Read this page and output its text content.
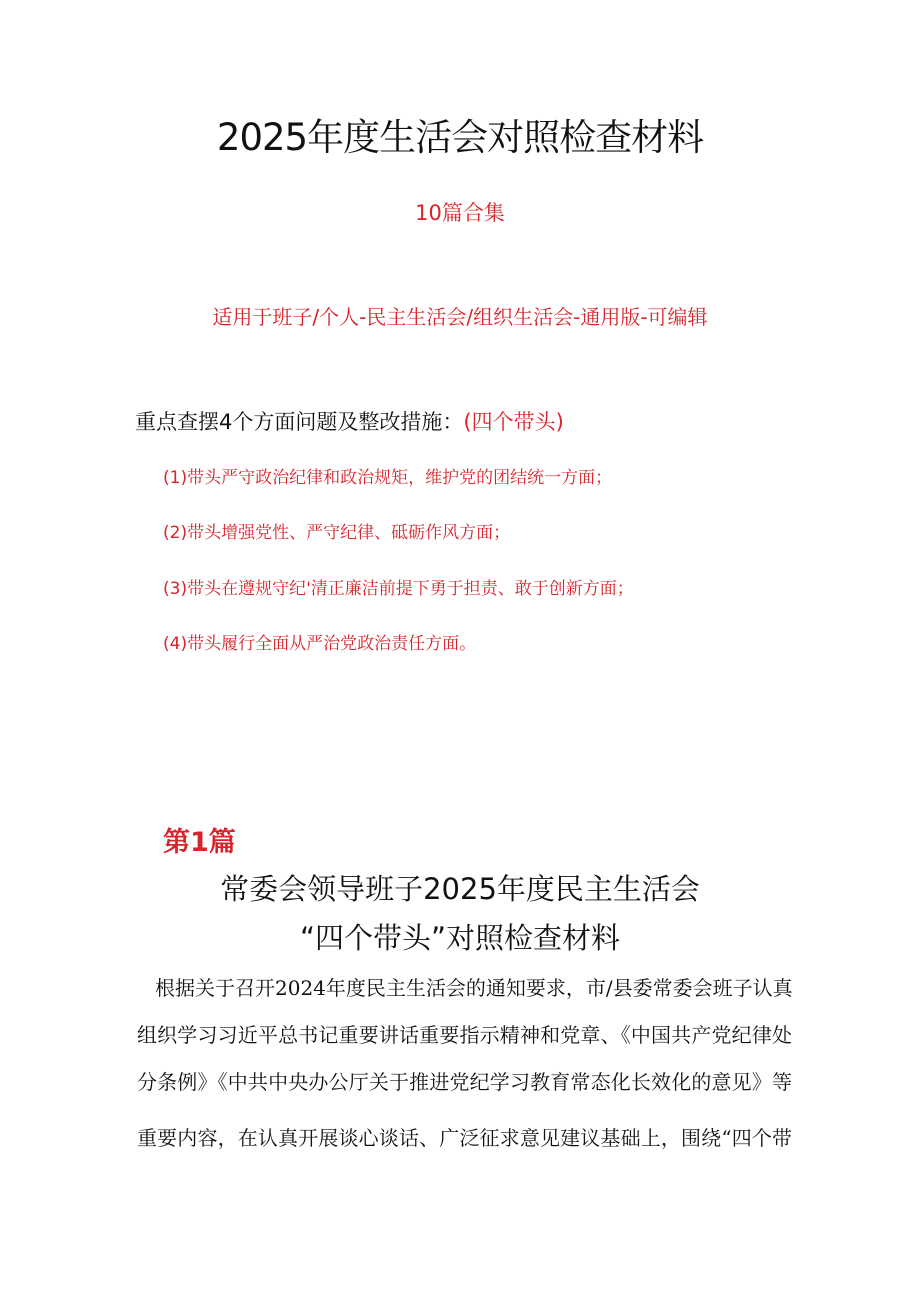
2025年度生活会对照检查材料
10篇合集
适用于班子/个人-民主生活会/组织生活会-通用版-可编辑
重点查摆4个方面问题及整改措施：(四个带头)
(1)带头严守政治纪律和政治规矩，维护党的团结统一方面；
(2)带头增强党性、严守纪律、砥砺作风方面；
(3)带头在遵规守纪'清正廉洁前提下勇于担责、敢于创新方面；
(4)带头履行全面从严治党政治责任方面。
第1篇
常委会领导班子2025年度民主生活会
“四个带头”对照检查材料
根据关于召开2024年度民主生活会的通知要求，市/县委常委会班子认真
组织学习习近平总书记重要讲话重要指示精神和党章、《中国共产党纪律处
分条例》《中共中央办公厅关于推进党纪学习教育常态化长效化的意见》等
重要内容，在认真开展谈心谈话、广泛征求意见建议基础上，围绕“四个带
